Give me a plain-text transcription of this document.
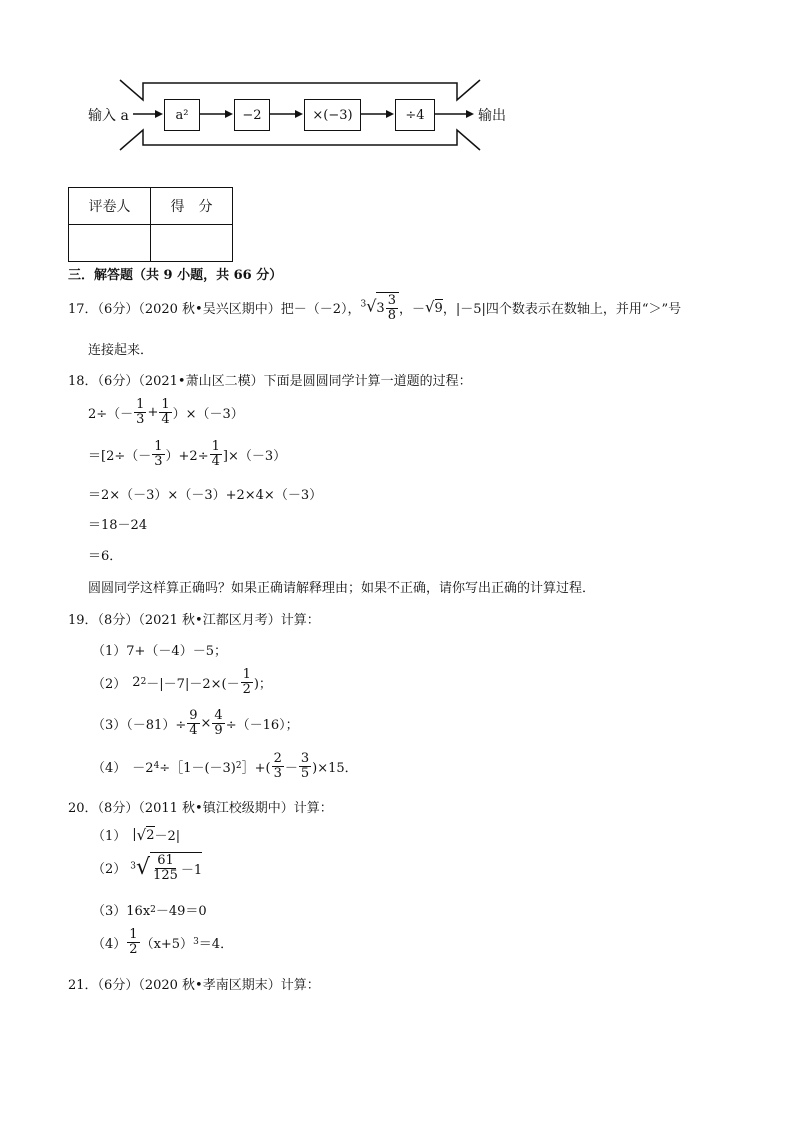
输入 a	a²	−2	×(−3)	÷4	输出
评卷人	得　分

三．解答题（共 9 小题，共 66 分）
17．（6分）（2020 秋•吴兴区期中）把－（－2）， $^3$√ $3 \frac{3}{8}$ ，－ √ 9 ，|－5|四个数表示在数轴上，并用“＞”号
连接起来．
18．（6分）（2021•萧山区二模）下面是圆圆同学计算一道题的过程：
$2\div(- \frac{1}{3} + \frac{1}{4} )\times(-3)$
$=[2\div(- \frac{1}{3} )+2\div \frac{1}{4} ]\times(-3)$
＝2×（－3）×（－3）+2×4×（－3）
＝18－24
＝6．
圆圆同学这样算正确吗？如果正确请解释理由；如果不正确，请你写出正确的计算过程．
19．（8分）（2021 秋•江都区月考）计算：
（1）7+（－4）－5；
（2） 2 $2 -|-7|-2\times(- \frac{1}{2}$ )；
$(3)(-81)\div \frac{9}{4} \times \frac{4}{9} \div(-16)$；
（4） －2 4 ÷［1－(－3) 2 ］+( $\frac{2}{3} - \frac{3}{5} )\times 15$．
20．（8分）（2011 秋•镇江校级期中）计算：
（1） | √ 2 －2|
（2） $^3√ \frac{61}{125} -1$
（3）16x 2 －49＝0
$(4) \frac{1}{2} (x+5)$ 3 ＝4．
21．（6分）（2020 秋•孝南区期末）计算：
